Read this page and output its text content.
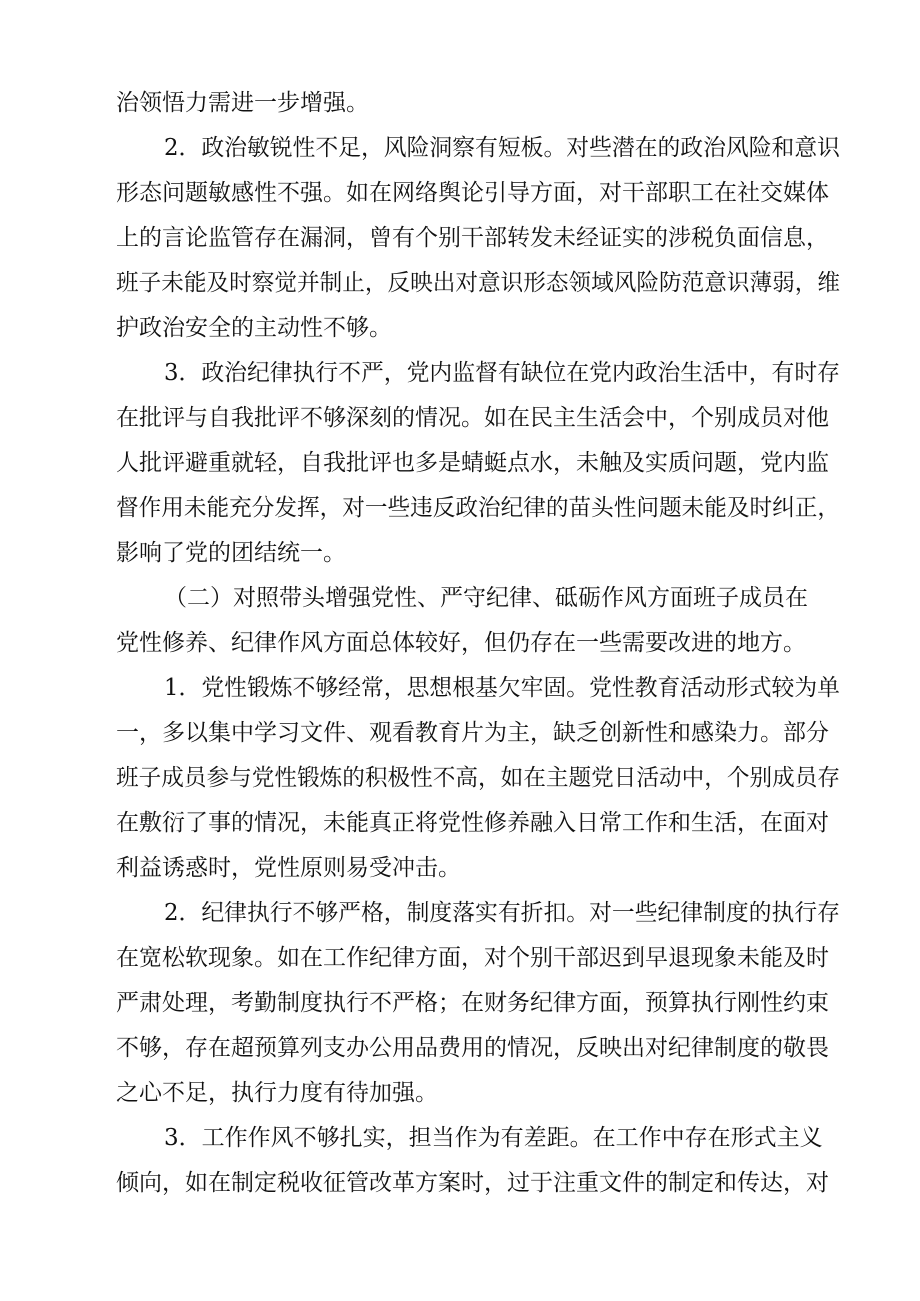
治领悟力需进一步增强。
2．政治敏锐性不足，风险洞察有短板。对些潜在的政治风险和意识
形态问题敏感性不强。如在网络舆论引导方面，对干部职工在社交媒体
上的言论监管存在漏洞，曾有个别干部转发未经证实的涉税负面信息，
班子未能及时察觉并制止，反映出对意识形态领域风险防范意识薄弱，维
护政治安全的主动性不够。
3．政治纪律执行不严，党内监督有缺位在党内政治生活中，有时存
在批评与自我批评不够深刻的情况。如在民主生活会中，个别成员对他
人批评避重就轻，自我批评也多是蜻蜓点水，未触及实质问题，党内监
督作用未能充分发挥，对一些违反政治纪律的苗头性问题未能及时纠正，
影响了党的团结统一。
（二）对照带头增强党性、严守纪律、砥砺作风方面班子成员在
党性修养、纪律作风方面总体较好，但仍存在一些需要改进的地方。
1．党性锻炼不够经常，思想根基欠牢固。党性教育活动形式较为单
一，多以集中学习文件、观看教育片为主，缺乏创新性和感染力。部分
班子成员参与党性锻炼的积极性不高，如在主题党日活动中，个别成员存
在敷衍了事的情况，未能真正将党性修养融入日常工作和生活，在面对
利益诱惑时，党性原则易受冲击。
2．纪律执行不够严格，制度落实有折扣。对一些纪律制度的执行存
在宽松软现象。如在工作纪律方面，对个别干部迟到早退现象未能及时
严肃处理，考勤制度执行不严格；在财务纪律方面，预算执行刚性约束
不够，存在超预算列支办公用品费用的情况，反映出对纪律制度的敬畏
之心不足，执行力度有待加强。
3．工作作风不够扎实，担当作为有差距。在工作中存在形式主义
倾向，如在制定税收征管改革方案时，过于注重文件的制定和传达，对
